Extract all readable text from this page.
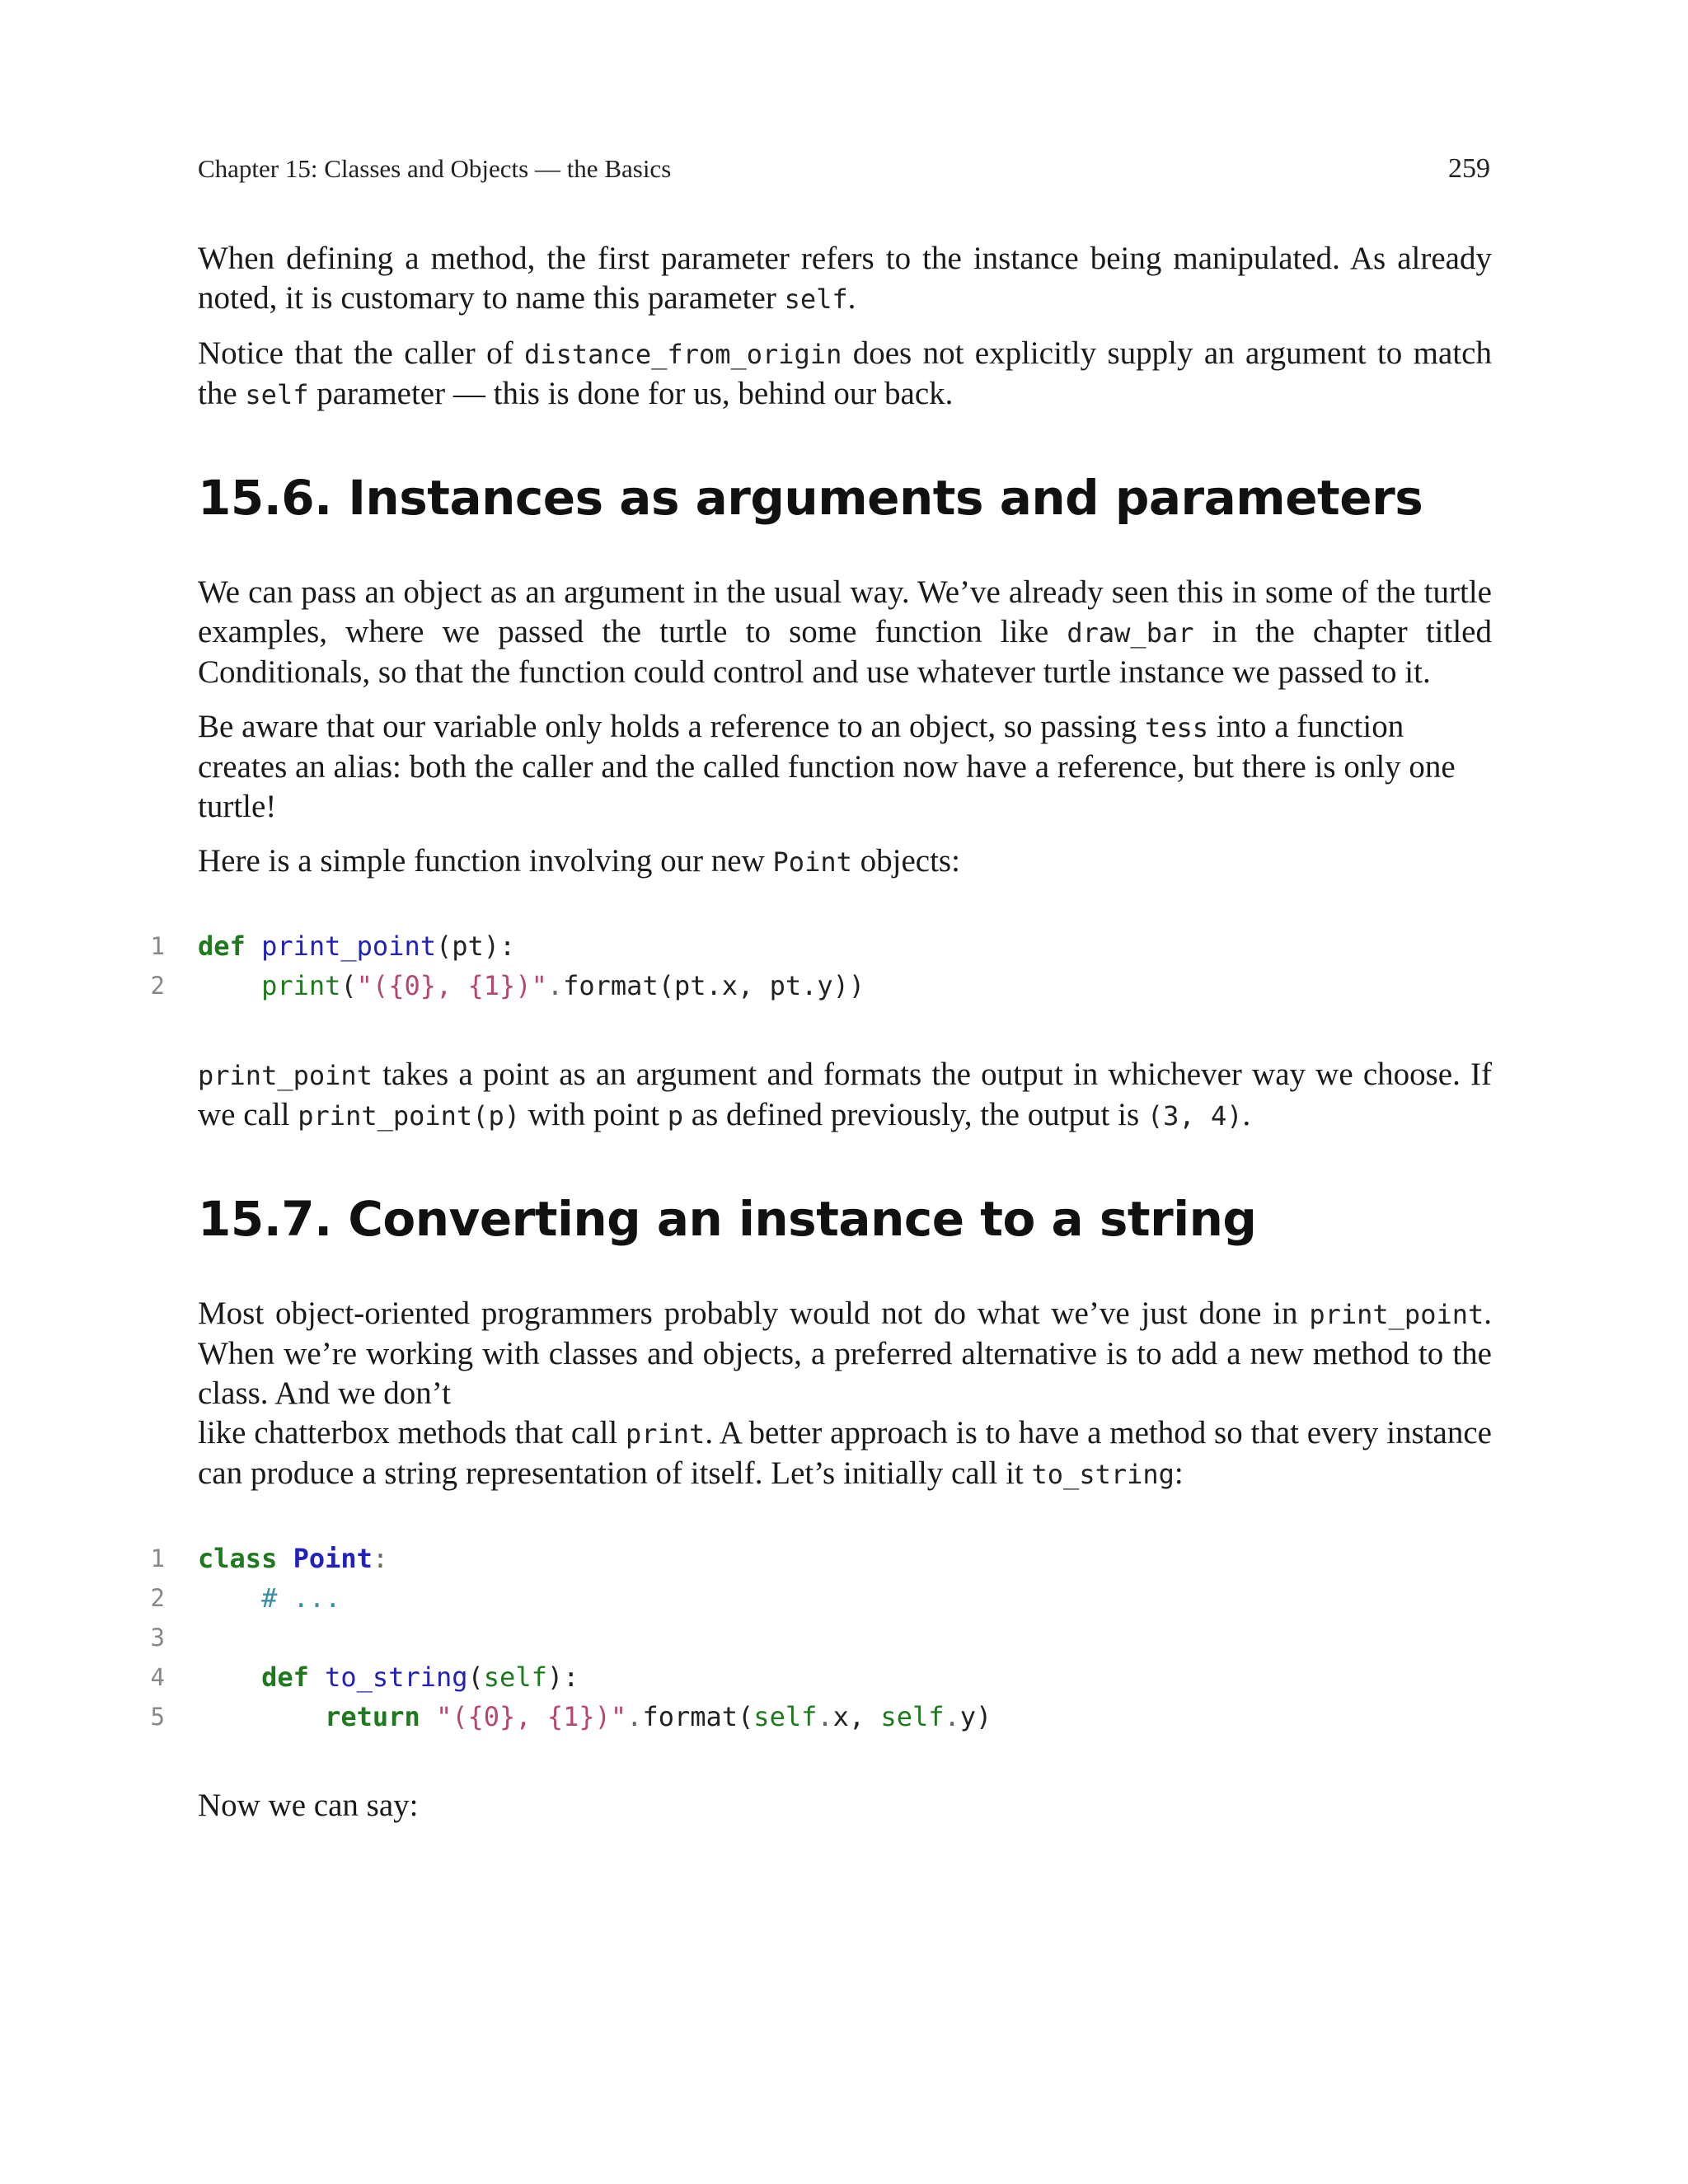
Chapter 15: Classes and Objects — the Basics	259

When defining a method, the first parameter refers to the instance being manipulated. As already noted, it is customary to name this parameter self.

Notice that the caller of distance_from_origin does not explicitly supply an argument to match the self parameter — this is done for us, behind our back.

15.6. Instances as arguments and parameters

We can pass an object as an argument in the usual way. We’ve already seen this in some of the turtle examples, where we passed the turtle to some function like draw_bar in the chapter titled Conditionals, so that the function could control and use whatever turtle instance we passed to it.

Be aware that our variable only holds a reference to an object, so passing tess into a function creates an alias: both the caller and the called function now have a reference, but there is only one turtle!

Here is a simple function involving our new Point objects:

1 def print_point(pt):
2	print("({0}, {1})".format(pt.x, pt.y))

print_point takes a point as an argument and formats the output in whichever way we choose. If we call print_point(p) with point p as defined previously, the output is (3, 4).

15.7. Converting an instance to a string

Most object-oriented programmers probably would not do what we’ve just done in print_point. When we’re working with classes and objects, a preferred alternative is to add a new method to the class. And we don’t

like chatterbox methods that call print. A better approach is to have a method so that every instance can produce a string representation of itself. Let’s initially call it to_string:

1 class Point:
2	# ...
3
4	def to_string(self):
5	return "({0}, {1})".format(self.x, self.y)

Now we can say:
